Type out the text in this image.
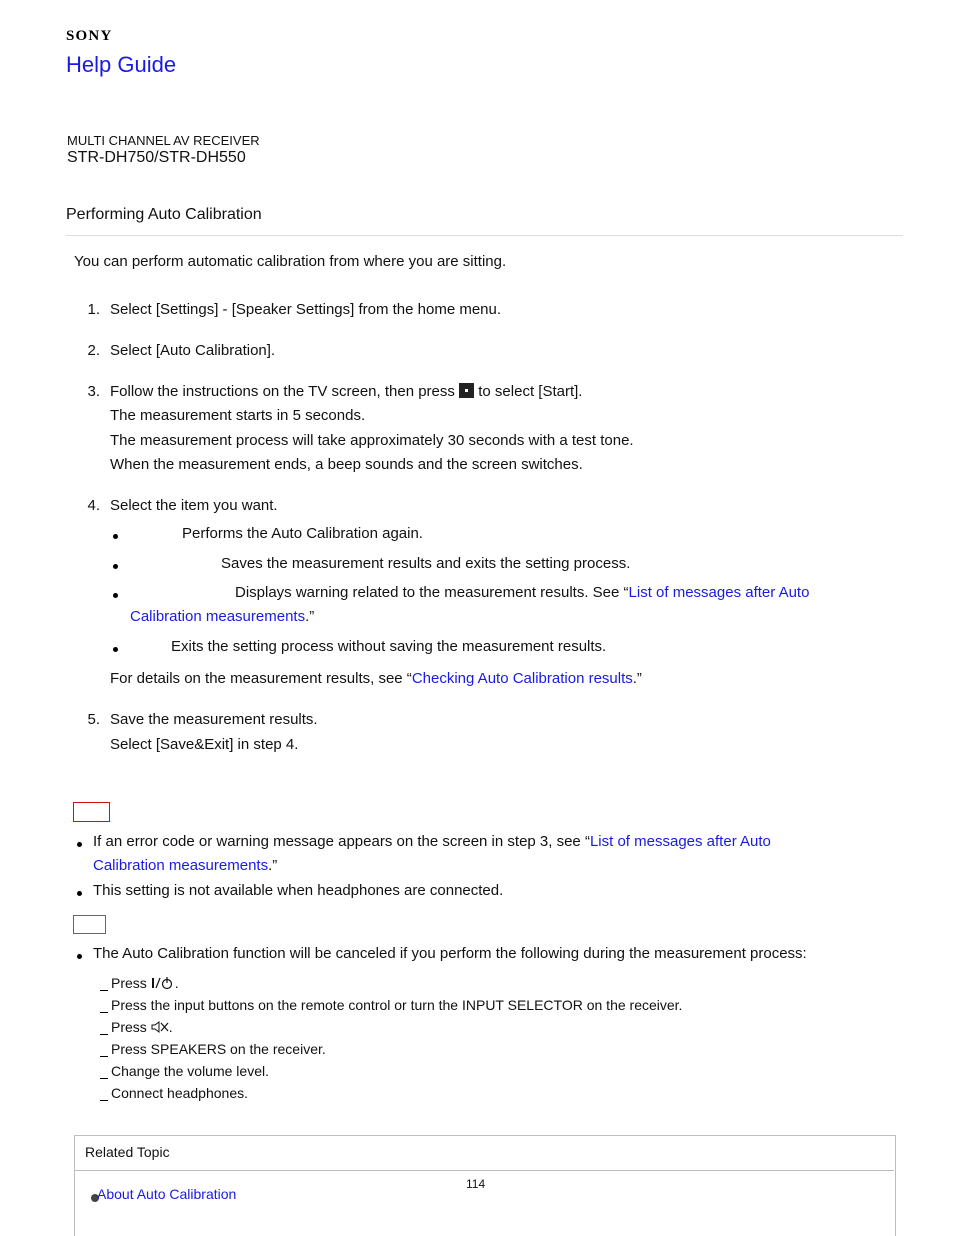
SONY
Help Guide
MULTI CHANNEL AV RECEIVER
STR-DH750/STR-DH550
Performing Auto Calibration
You can perform automatic calibration from where you are sitting.
1. Select [Settings] - [Speaker Settings] from the home menu.
2. Select [Auto Calibration].
3. Follow the instructions on the TV screen, then press to select [Start].
The measurement starts in 5 seconds.
The measurement process will take approximately 30 seconds with a test tone.
When the measurement ends, a beep sounds and the screen switches.
4. Select the item you want.
Performs the Auto Calibration again.
Saves the measurement results and exits the setting process.
Displays warning related to the measurement results. See “List of messages after Auto
Calibration measurements.”
Exits the setting process without saving the measurement results.
For details on the measurement results, see “Checking Auto Calibration results.”
5. Save the measurement results.
Select [Save&Exit] in step 4.
If an error code or warning message appears on the screen in step 3, see “List of messages after Auto
Calibration measurements.”
This setting is not available when headphones are connected.
The Auto Calibration function will be canceled if you perform the following during the measurement process:
Press .
Press the input buttons on the remote control or turn the INPUT SELECTOR on the receiver.
Press .
Press SPEAKERS on the receiver.
Change the volume level.
Connect headphones.
Related Topic
About Auto Calibration
114
